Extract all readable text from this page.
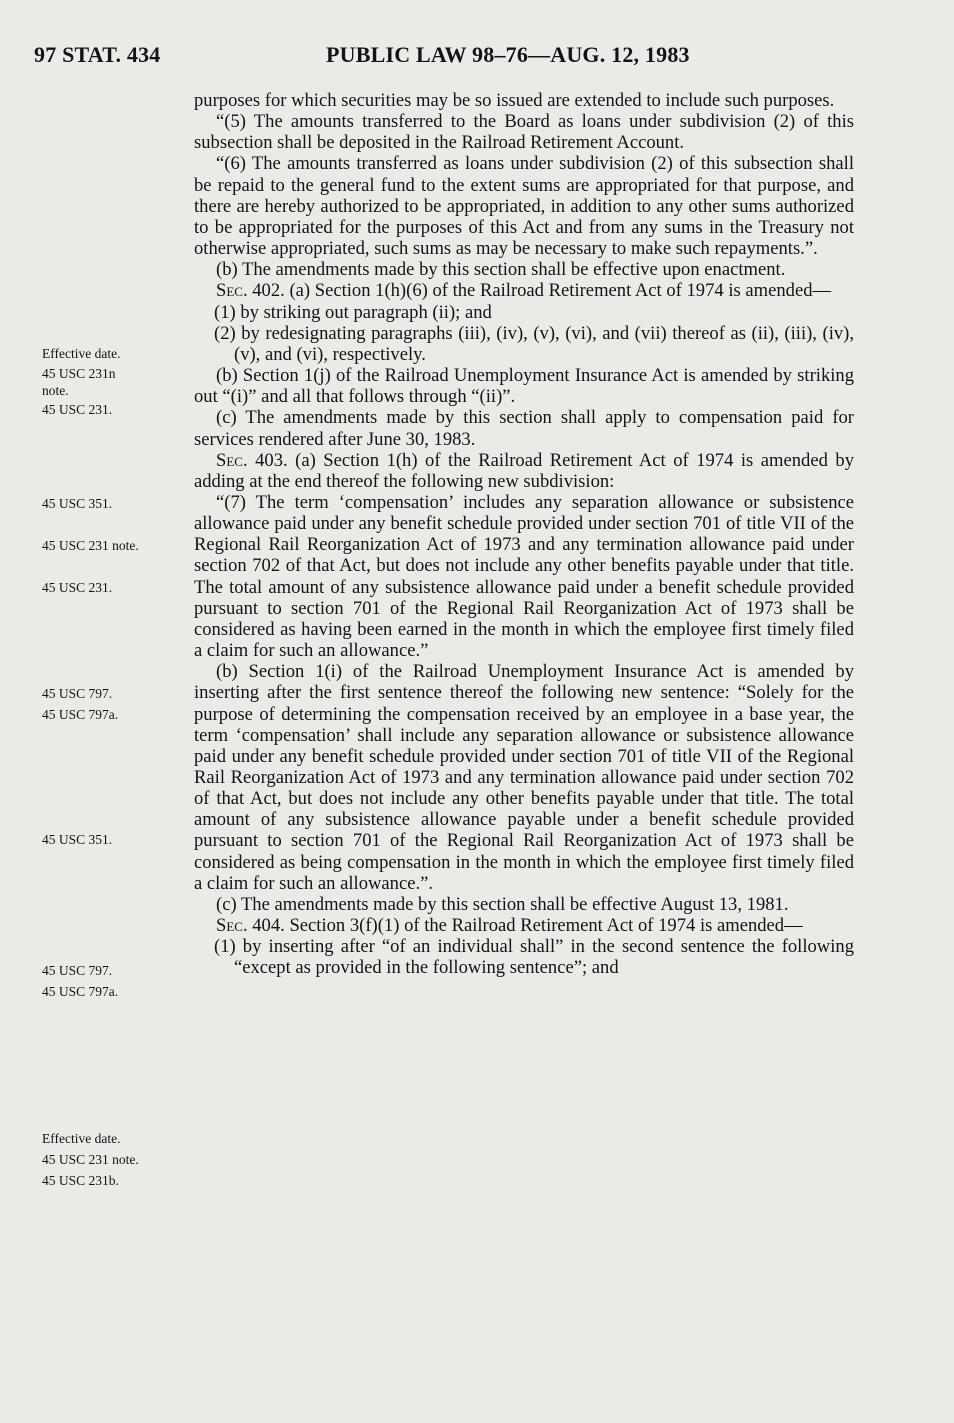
97 STAT. 434	PUBLIC LAW 98–76—AUG. 12, 1983
Effective date.
45 USC 231n
note.
45 USC 231.
45 USC 351.
45 USC 231 note.
45 USC 231.
45 USC 797.
45 USC 797a.
45 USC 351.
45 USC 797.
45 USC 797a.
Effective date.
45 USC 231 note.
45 USC 231b.

purposes for which securities may be so issued are extended to include such purposes.

“(5) The amounts transferred to the Board as loans under subdivision (2) of this subsection shall be deposited in the Railroad Retirement Account.

“(6) The amounts transferred as loans under subdivision (2) of this subsection shall be repaid to the general fund to the extent sums are appropriated for that purpose, and there are hereby authorized to be appropriated, in addition to any other sums authorized to be appropriated for the purposes of this Act and from any sums in the Treasury not otherwise appropriated, such sums as may be necessary to make such repayments.”.

(b) The amendments made by this section shall be effective upon enactment.

Sec. 402. (a) Section 1(h)(6) of the Railroad Retirement Act of 1974 is amended—

(1) by striking out paragraph (ii); and

(2) by redesignating paragraphs (iii), (iv), (v), (vi), and (vii) thereof as (ii), (iii), (iv), (v), and (vi), respectively.

(b) Section 1(j) of the Railroad Unemployment Insurance Act is amended by striking out “(i)” and all that follows through “(ii)”.

(c) The amendments made by this section shall apply to compensation paid for services rendered after June 30, 1983.

Sec. 403. (a) Section 1(h) of the Railroad Retirement Act of 1974 is amended by adding at the end thereof the following new subdivision:

“(7) The term ‘compensation’ includes any separation allowance or subsistence allowance paid under any benefit schedule provided under section 701 of title VII of the Regional Rail Reorganization Act of 1973 and any termination allowance paid under section 702 of that Act, but does not include any other benefits payable under that title. The total amount of any subsistence allowance paid under a benefit schedule provided pursuant to section 701 of the Regional Rail Reorganization Act of 1973 shall be considered as having been earned in the month in which the employee first timely filed a claim for such an allowance.”

(b) Section 1(i) of the Railroad Unemployment Insurance Act is amended by inserting after the first sentence thereof the following new sentence: “Solely for the purpose of determining the compensation received by an employee in a base year, the term ‘compensation’ shall include any separation allowance or subsistence allowance paid under any benefit schedule provided under section 701 of title VII of the Regional Rail Reorganization Act of 1973 and any termination allowance paid under section 702 of that Act, but does not include any other benefits payable under that title. The total amount of any subsistence allowance payable under a benefit schedule provided pursuant to section 701 of the Regional Rail Reorganization Act of 1973 shall be considered as being compensation in the month in which the employee first timely filed a claim for such an allowance.”.

(c) The amendments made by this section shall be effective August 13, 1981.

Sec. 404. Section 3(f)(1) of the Railroad Retirement Act of 1974 is amended—

(1) by inserting after “of an individual shall” in the second sentence the following “except as provided in the following sentence”; and
